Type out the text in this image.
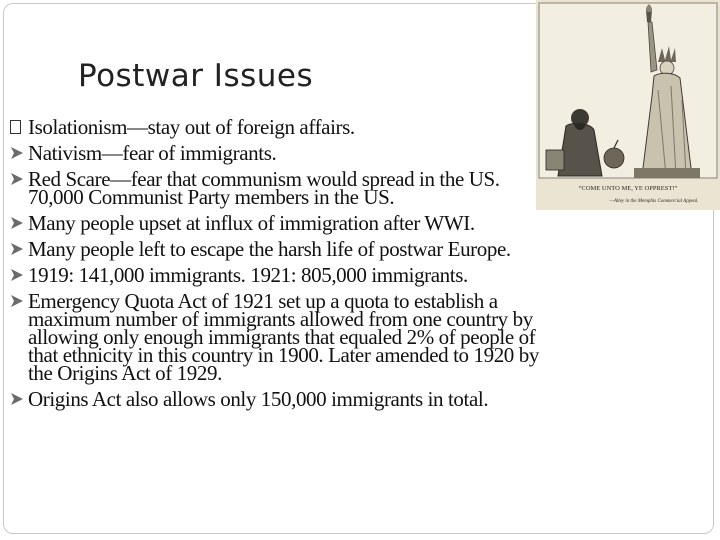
Postwar Issues
Isolationism—stay out of foreign affairs.
Nativism—fear of immigrants.
Red Scare—fear that communism would spread in the US. 70,000 Communist Party members in the US.
Many people upset at influx of immigration after WWI.
Many people left to escape the harsh life of postwar Europe.
1919: 141,000 immigrants. 1921: 805,000 immigrants.
Emergency Quota Act of 1921 set up a quota to establish a maximum number of immigrants allowed from one country by allowing only enough immigrants that equaled 2% of people of that ethnicity in this country in 1900. Later amended to 1920 by the Origins Act of 1929.
Origins Act also allows only 150,000 immigrants in total.
“COME UNTO ME, YE OPPREST!”
—Alley in the Memphis Commercial Appeal.
